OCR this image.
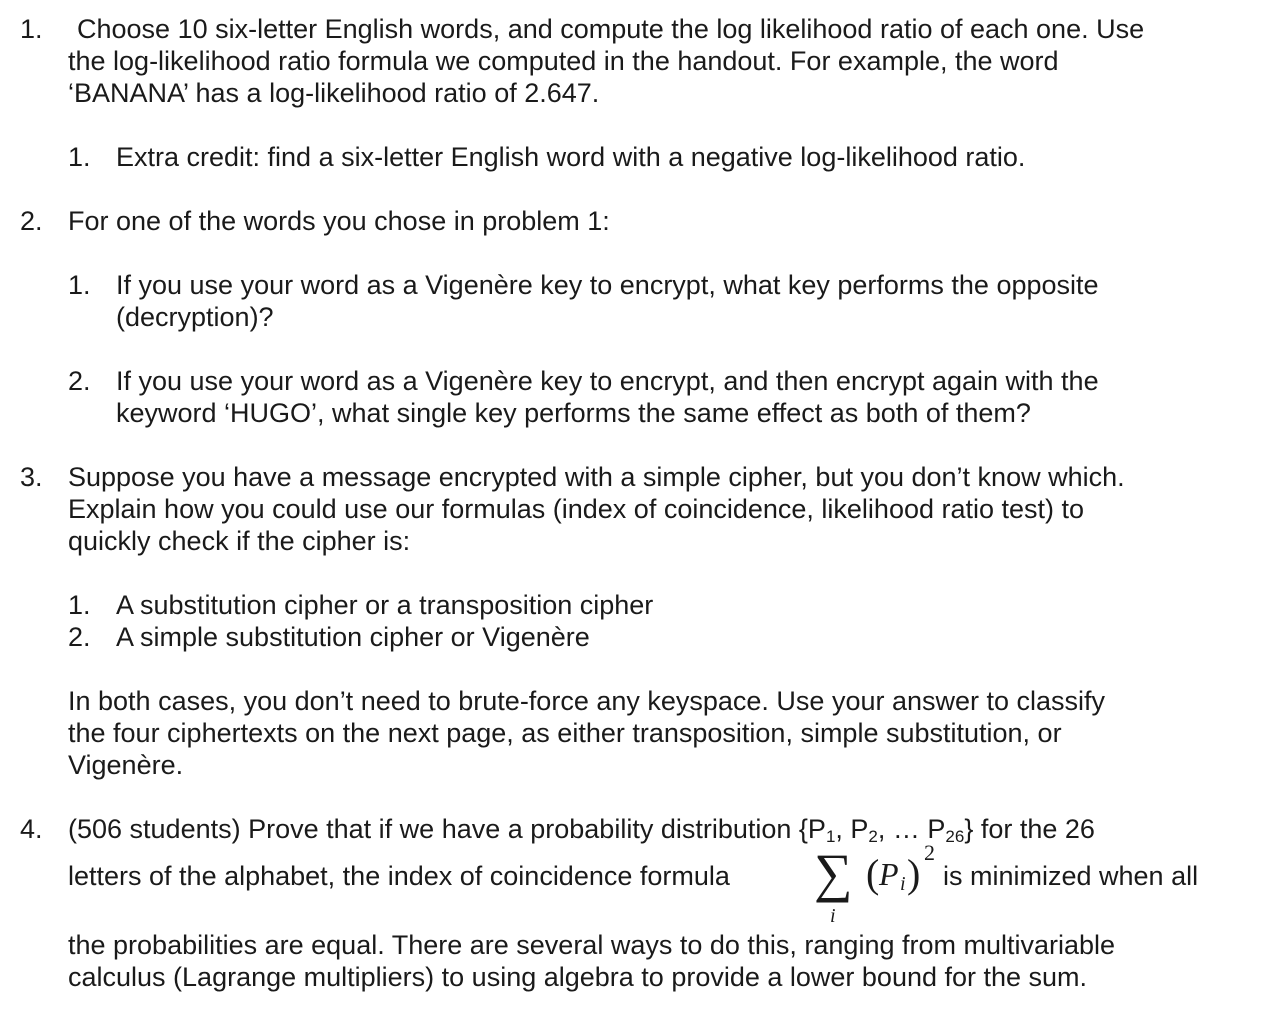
1.	Choose 10 six-letter English words, and compute the log likelihood ratio of each one. Use
the log-likelihood ratio formula we computed in the handout. For example, the word
‘BANANA’ has a log-likelihood ratio of 2.647.
1. Extra credit: find a six-letter English word with a negative log-likelihood ratio.
2. For one of the words you chose in problem 1:
1. If you use your word as a Vigenère key to encrypt, what key performs the opposite
(decryption)?
2. If you use your word as a Vigenère key to encrypt, and then encrypt again with the
keyword ‘HUGO’, what single key performs the same effect as both of them?
3. Suppose you have a message encrypted with a simple cipher, but you don’t know which.
Explain how you could use our formulas (index of coincidence, likelihood ratio test) to
quickly check if the cipher is:
1. A substitution cipher or a transposition cipher
2. A simple substitution cipher or Vigenère
In both cases, you don’t need to brute-force any keyspace. Use your answer to classify
the four ciphertexts on the next page, as either transposition, simple substitution, or
Vigenère.
4. (506 students) Prove that if we have a probability distribution {$P_1$, $P_2$, … $P_{26}$} for the 26
letters of the alphabet, the index of coincidence formula	∑ ( P i ) 2
i
is minimized when all
the probabilities are equal. There are several ways to do this, ranging from multivariable
calculus (Lagrange multipliers) to using algebra to provide a lower bound for the sum.
